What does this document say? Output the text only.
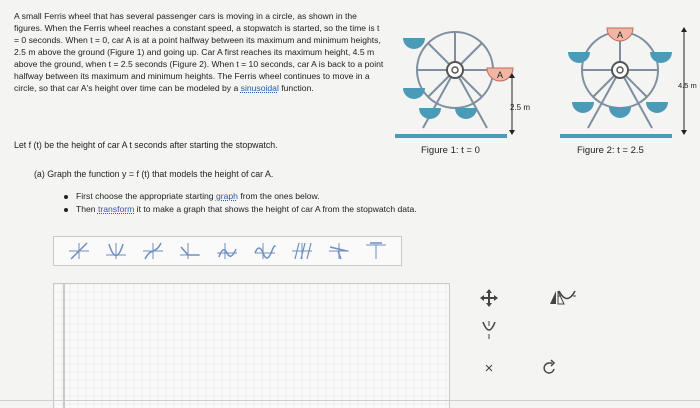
A small Ferris wheel that has several passenger cars is moving in a circle, as shown in the figures. When the Ferris wheel reaches a constant speed, a stopwatch is started, so the time is t = 0 seconds. When t = 0, car A is at a point halfway between its maximum and minimum heights, 2.5 m above the ground (Figure 1) and going up. Car A first reaches its maximum height, 4.5 m above the ground, when t = 2.5 seconds (Figure 2). When t = 10 seconds, car A is back to a point halfway between its maximum and minimum heights. The Ferris wheel continues to move in a circle, so that car A's height over time can be modeled by a sinusoidal function.

Let f (t) be the height of car A t seconds after starting the stopwatch.
A
2.5 m
Figure 1: t = 0
A
4.5 m
Figure 2: t = 2.5
(a) Graph the function y = f (t) that models the height of car A.
First choose the appropriate starting graph from the ones below.
Then transform it to make a graph that shows the height of car A from the stopwatch data.
×
